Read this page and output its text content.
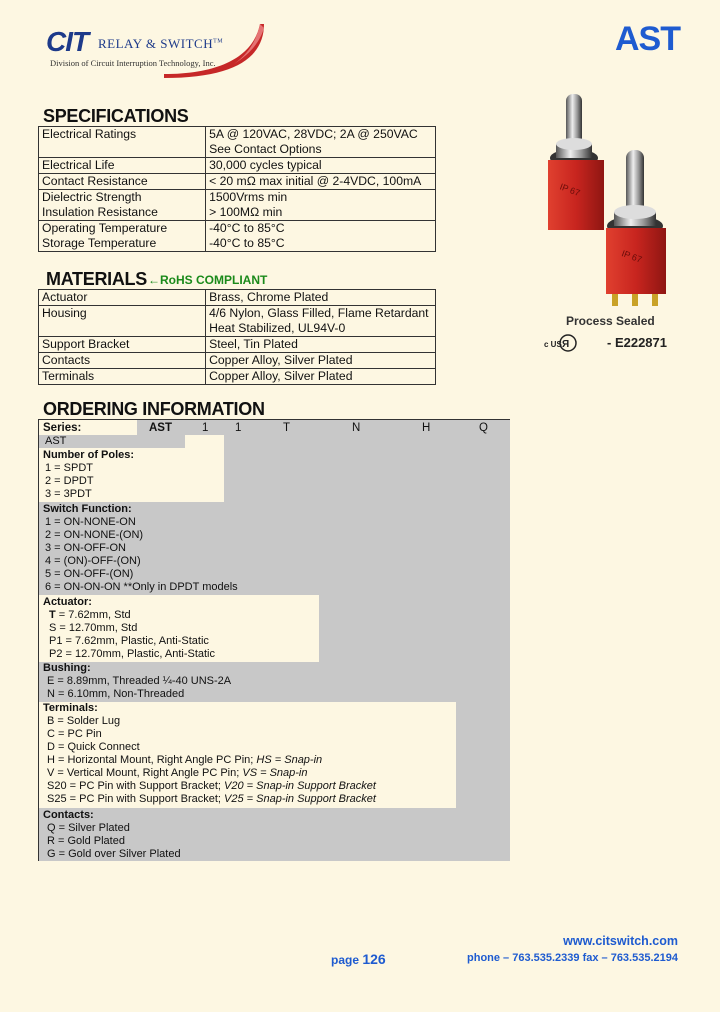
CIT RELAY & SWITCH™
Division of Circuit Interruption Technology, Inc.
AST
SPECIFICATIONS
Electrical Ratings	5A @ 120VAC, 28VDC; 2A @ 250VAC
	See Contact Options
Electrical Life	30,000 cycles typical
Contact Resistance	< 20 mΩ max initial @ 2-4VDC, 100mA
Dielectric Strength	1500Vrms min
Insulation Resistance	> 100MΩ min
Operating Temperature	-40°C to 85°C
Storage Temperature	-40°C to 85°C
MATERIALS ←RoHS COMPLIANT
Actuator	Brass, Chrome Plated
Housing	4/6 Nylon, Glass Filled, Flame Retardant
	Heat Stabilized, UL94V-0
Support Bracket	Steel, Tin Plated
Contacts	Copper Alloy, Silver Plated
Terminals	Copper Alloy, Silver Plated
IP 67
IP 67
Process Sealed
Я
c US	- E222871
ORDERING INFORMATION
Series:	AST	1 1	T	N	H	Q
AST
Number of Poles:
1 = SPDT
2 = DPDT
3 = 3PDT
Switch Function:
1 = ON-NONE-ON
2 = ON-NONE-(ON)
3 = ON-OFF-ON
4 = (ON)-OFF-(ON)
5 = ON-OFF-(ON)
6 = ON-ON-ON **Only in DPDT models
Actuator:
T = 7.62mm, Std
S = 12.70mm, Std
P1 = 7.62mm, Plastic, Anti-Static
P2 = 12.70mm, Plastic, Anti-Static
Bushing:
E = 8.89mm, Threaded ¼-40 UNS-2A
N = 6.10mm, Non-Threaded
Terminals:
B = Solder Lug
C = PC Pin
D = Quick Connect
H = Horizontal Mount, Right Angle PC Pin; HS = Snap-in
V = Vertical Mount, Right Angle PC Pin; VS = Snap-in
S20 = PC Pin with Support Bracket; V20 = Snap-in Support Bracket
S25 = PC Pin with Support Bracket; V25 = Snap-in Support Bracket
Contacts:
Q = Silver Plated
R = Gold Plated
G = Gold over Silver Plated
page 126
www.citswitch.com
phone – 763.535.2339 fax – 763.535.2194
